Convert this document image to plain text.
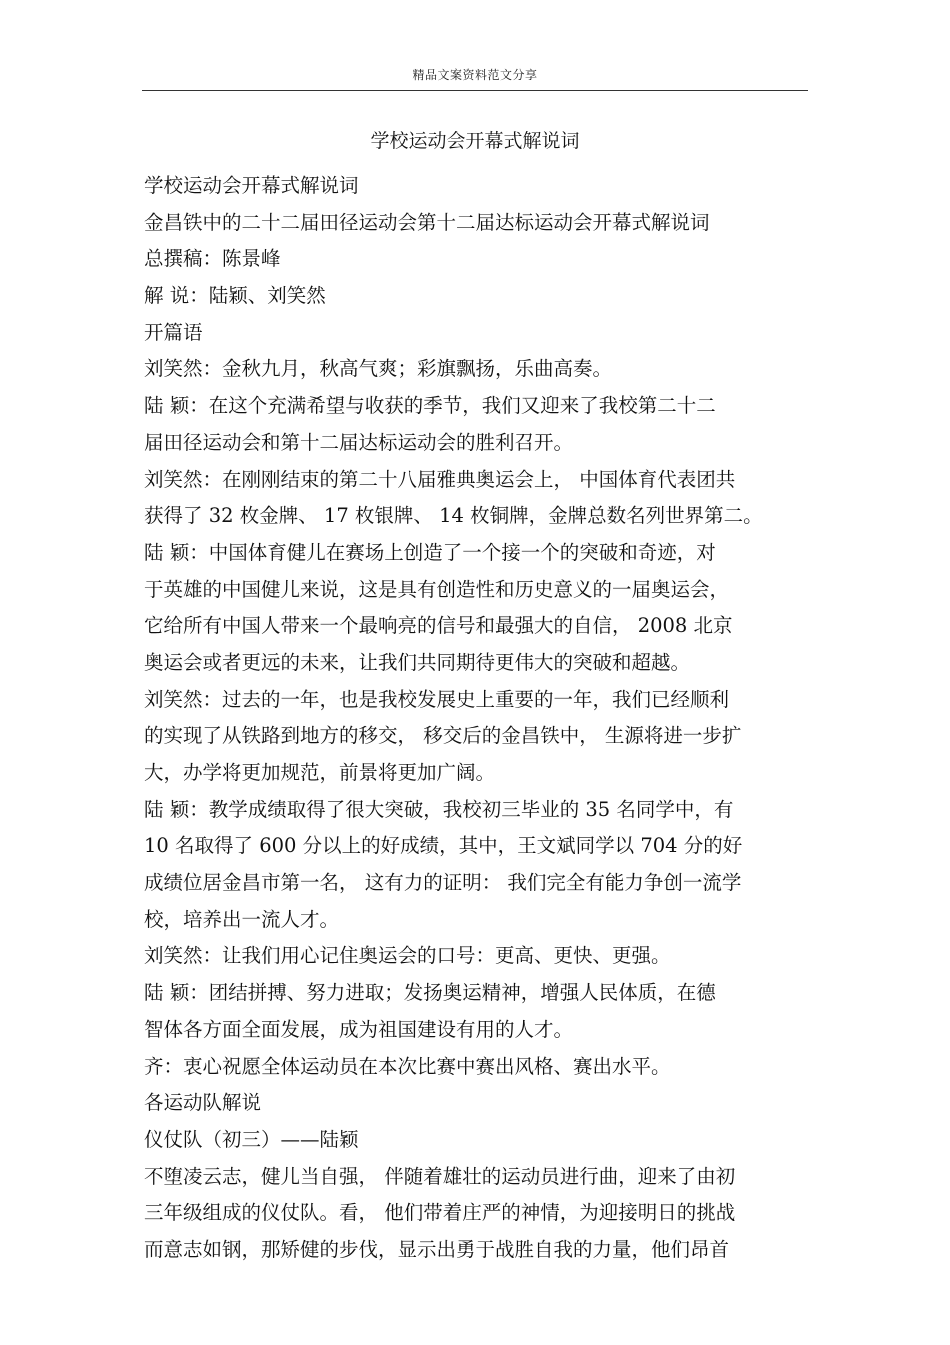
精品文案资料范文分享
学校运动会开幕式解说词
学校运动会开幕式解说词
金昌铁中的二十二届田径运动会第十二届达标运动会开幕式解说词
总撰稿：陈景峰
解 说：陆颖、刘笑然
开篇语
刘笑然：金秋九月，秋高气爽；彩旗飘扬，乐曲高奏。
陆 颖：在这个充满希望与收获的季节，我们又迎来了我校第二十二
届田径运动会和第十二届达标运动会的胜利召开。
刘笑然：在刚刚结束的第二十八届雅典奥运会上， 中国体育代表团共
获得了 32 枚金牌、 17 枚银牌、 14 枚铜牌，金牌总数名列世界第二。
陆 颖：中国体育健儿在赛场上创造了一个接一个的突破和奇迹，对
于英雄的中国健儿来说，这是具有创造性和历史意义的一届奥运会，
它给所有中国人带来一个最响亮的信号和最强大的自信， 2008 北京
奥运会或者更远的未来，让我们共同期待更伟大的突破和超越。
刘笑然：过去的一年，也是我校发展史上重要的一年，我们已经顺利
的实现了从铁路到地方的移交， 移交后的金昌铁中， 生源将进一步扩
大，办学将更加规范，前景将更加广阔。
陆 颖：教学成绩取得了很大突破，我校初三毕业的 35 名同学中，有
10 名取得了 600 分以上的好成绩，其中，王文斌同学以 704 分的好
成绩位居金昌市第一名， 这有力的证明： 我们完全有能力争创一流学
校，培养出一流人才。
刘笑然：让我们用心记住奥运会的口号：更高、更快、更强。
陆 颖：团结拼搏、努力进取；发扬奥运精神，增强人民体质，在德
智体各方面全面发展，成为祖国建设有用的人才。
齐：衷心祝愿全体运动员在本次比赛中赛出风格、赛出水平。
各运动队解说
仪仗队（初三）——陆颖
不堕凌云志，健儿当自强， 伴随着雄壮的运动员进行曲，迎来了由初
三年级组成的仪仗队。看， 他们带着庄严的神情，为迎接明日的挑战
而意志如钢，那矫健的步伐，显示出勇于战胜自我的力量，他们昂首
